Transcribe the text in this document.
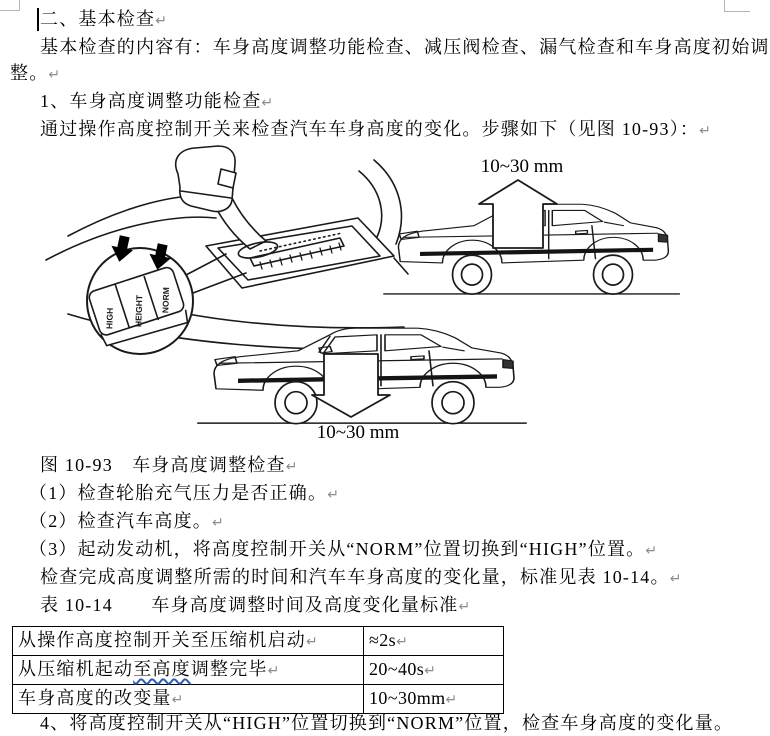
二、基本检查↵

基本检查的内容有：车身高度调整功能检查、减压阀检查、漏气检查和车身高度初始调

整。↵

1、车身高度调整功能检查↵

通过操作高度控制开关来检查汽车车身高度的变化。步骤如下（见图 10-93）：↵

HIGH HEIGHT NORM
10~30 mm
10~30 mm

图 10-93　车身高度调整检查↵

（1）检查轮胎充气压力是否正确。↵

（2）检查汽车高度。↵

（3）起动发动机，将高度控制开关从“NORM”位置切换到“HIGH”位置。↵

检查完成高度调整所需的时间和汽车车身高度的变化量，标准见表 10-14。↵

表 10-14　　车身高度调整时间及高度变化量标准↵

从操作高度控制开关至压缩机启动↵	≈2s↵
从压缩机起动至高度调整完毕↵	20~40s↵
车身高度的改变量↵	10~30mm↵
4、将高度控制开关从“HIGH”位置切换到“NORM”位置，检查车身高度的变化量。
